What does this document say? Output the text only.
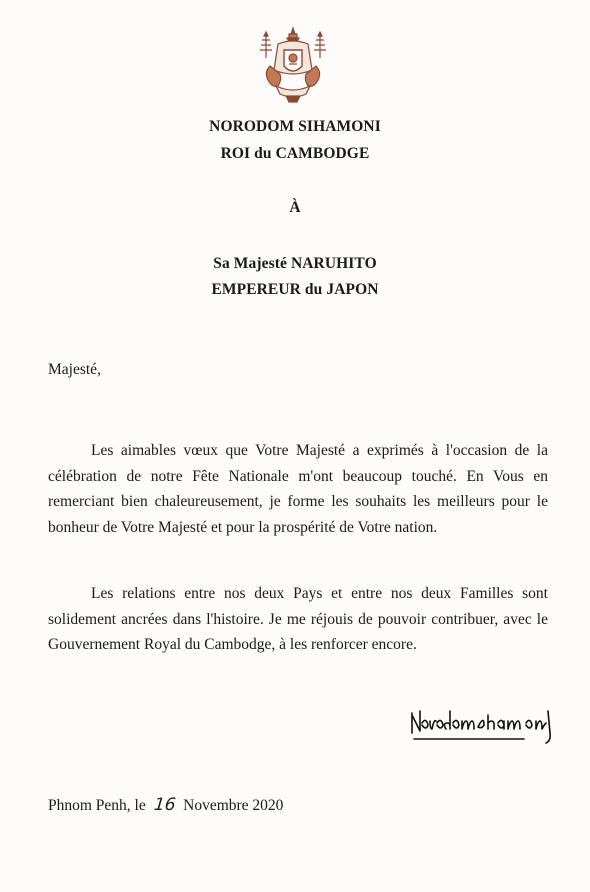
NORODOM SIHAMONI
ROI du CAMBODGE
À
Sa Majesté NARUHITO
EMPEREUR du JAPON
Majesté,
Les aimables vœux que Votre Majesté a exprimés à l'occasion de la célébration de notre Fête Nationale m'ont beaucoup touché. En Vous en remerciant bien chaleureusement, je forme les souhaits les meilleurs pour le bonheur de Votre Majesté et pour la prospérité de Votre nation.
Les relations entre nos deux Pays et entre nos deux Familles sont solidement ancrées dans l'histoire. Je me réjouis de pouvoir contribuer, avec le Gouvernement Royal du Cambodge, à les renforcer encore.
Phnom Penh, le 16 Novembre 2020
